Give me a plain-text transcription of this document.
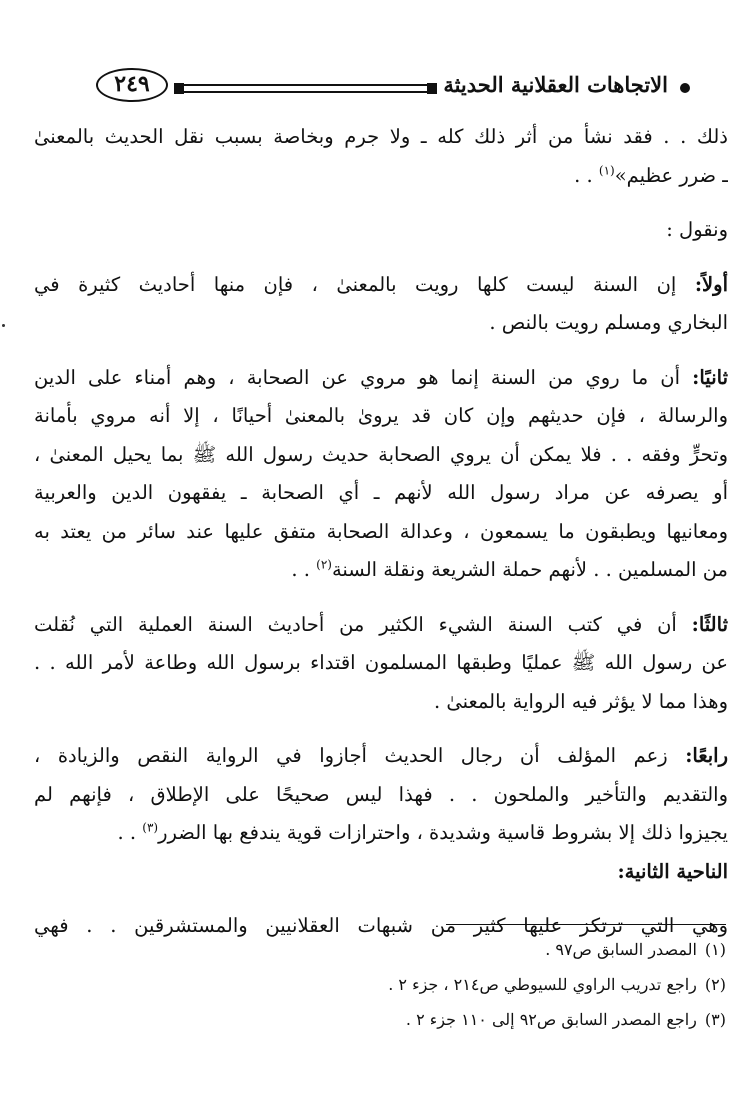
الاتجاهات العقلانية الحديثة
٢٤٩
ذلك . . فقد نشأ من أثر ذلك كله ـ ولا جرم وبخاصة بسبب نقل الحديث بالمعنىٰ
ـ ضرر عظيم»$^{(١)}$ . .
ونقول :
أولاً: إن السنة ليست كلها رويت بالمعنىٰ ، فإن منها أحاديث كثيرة في
البخاري ومسلم رويت بالنص .
ثانيًا: أن ما روي من السنة إنما هو مروي عن الصحابة ، وهم أمناء على الدين
والرسالة ، فإن حديثهم وإن كان قد يروىٰ بالمعنىٰ أحيانًا ، إلا أنه مروي بأمانة
وتحرٍّ وفقه . . فلا يمكن أن يروي الصحابة حديث رسول الله ﷺ بما يحيل المعنىٰ ،
أو يصرفه عن مراد رسول الله لأنهم ـ أي الصحابة ـ يفقهون الدين والعربية
ومعانيها ويطبقون ما يسمعون ، وعدالة الصحابة متفق عليها عند سائر من يعتد به
من المسلمين . . لأنهم حملة الشريعة ونقلة السنة$^{(٢)}$ . .
ثالثًا: أن في كتب السنة الشيء الكثير من أحاديث السنة العملية التي نُقلت
عن رسول الله ﷺ عمليًا وطبقها المسلمون اقتداء برسول الله وطاعة لأمر الله . .
وهذا مما لا يؤثر فيه الرواية بالمعنىٰ .
رابعًا: زعم المؤلف أن رجال الحديث أجازوا في الرواية النقص والزيادة ،
والتقديم والتأخير والملحون . . فهذا ليس صحيحًا على الإطلاق ، فإنهم لم
يجيزوا ذلك إلا بشروط قاسية وشديدة ، واحترازات قوية يندفع بها الضرر$^{(٣)}$ . .
الناحية الثانية:
وهي التي ترتكز عليها كثير من شبهات العقلانيين والمستشرقين . . فهي
(١)المصدر السابق ص٩٧ .
(٢)راجع تدريب الراوي للسيوطي ص٢١٤ ، جزء ٢ .
(٣)راجع المصدر السابق ص٩٢ إلى ١١٠ جزء ٢ .
